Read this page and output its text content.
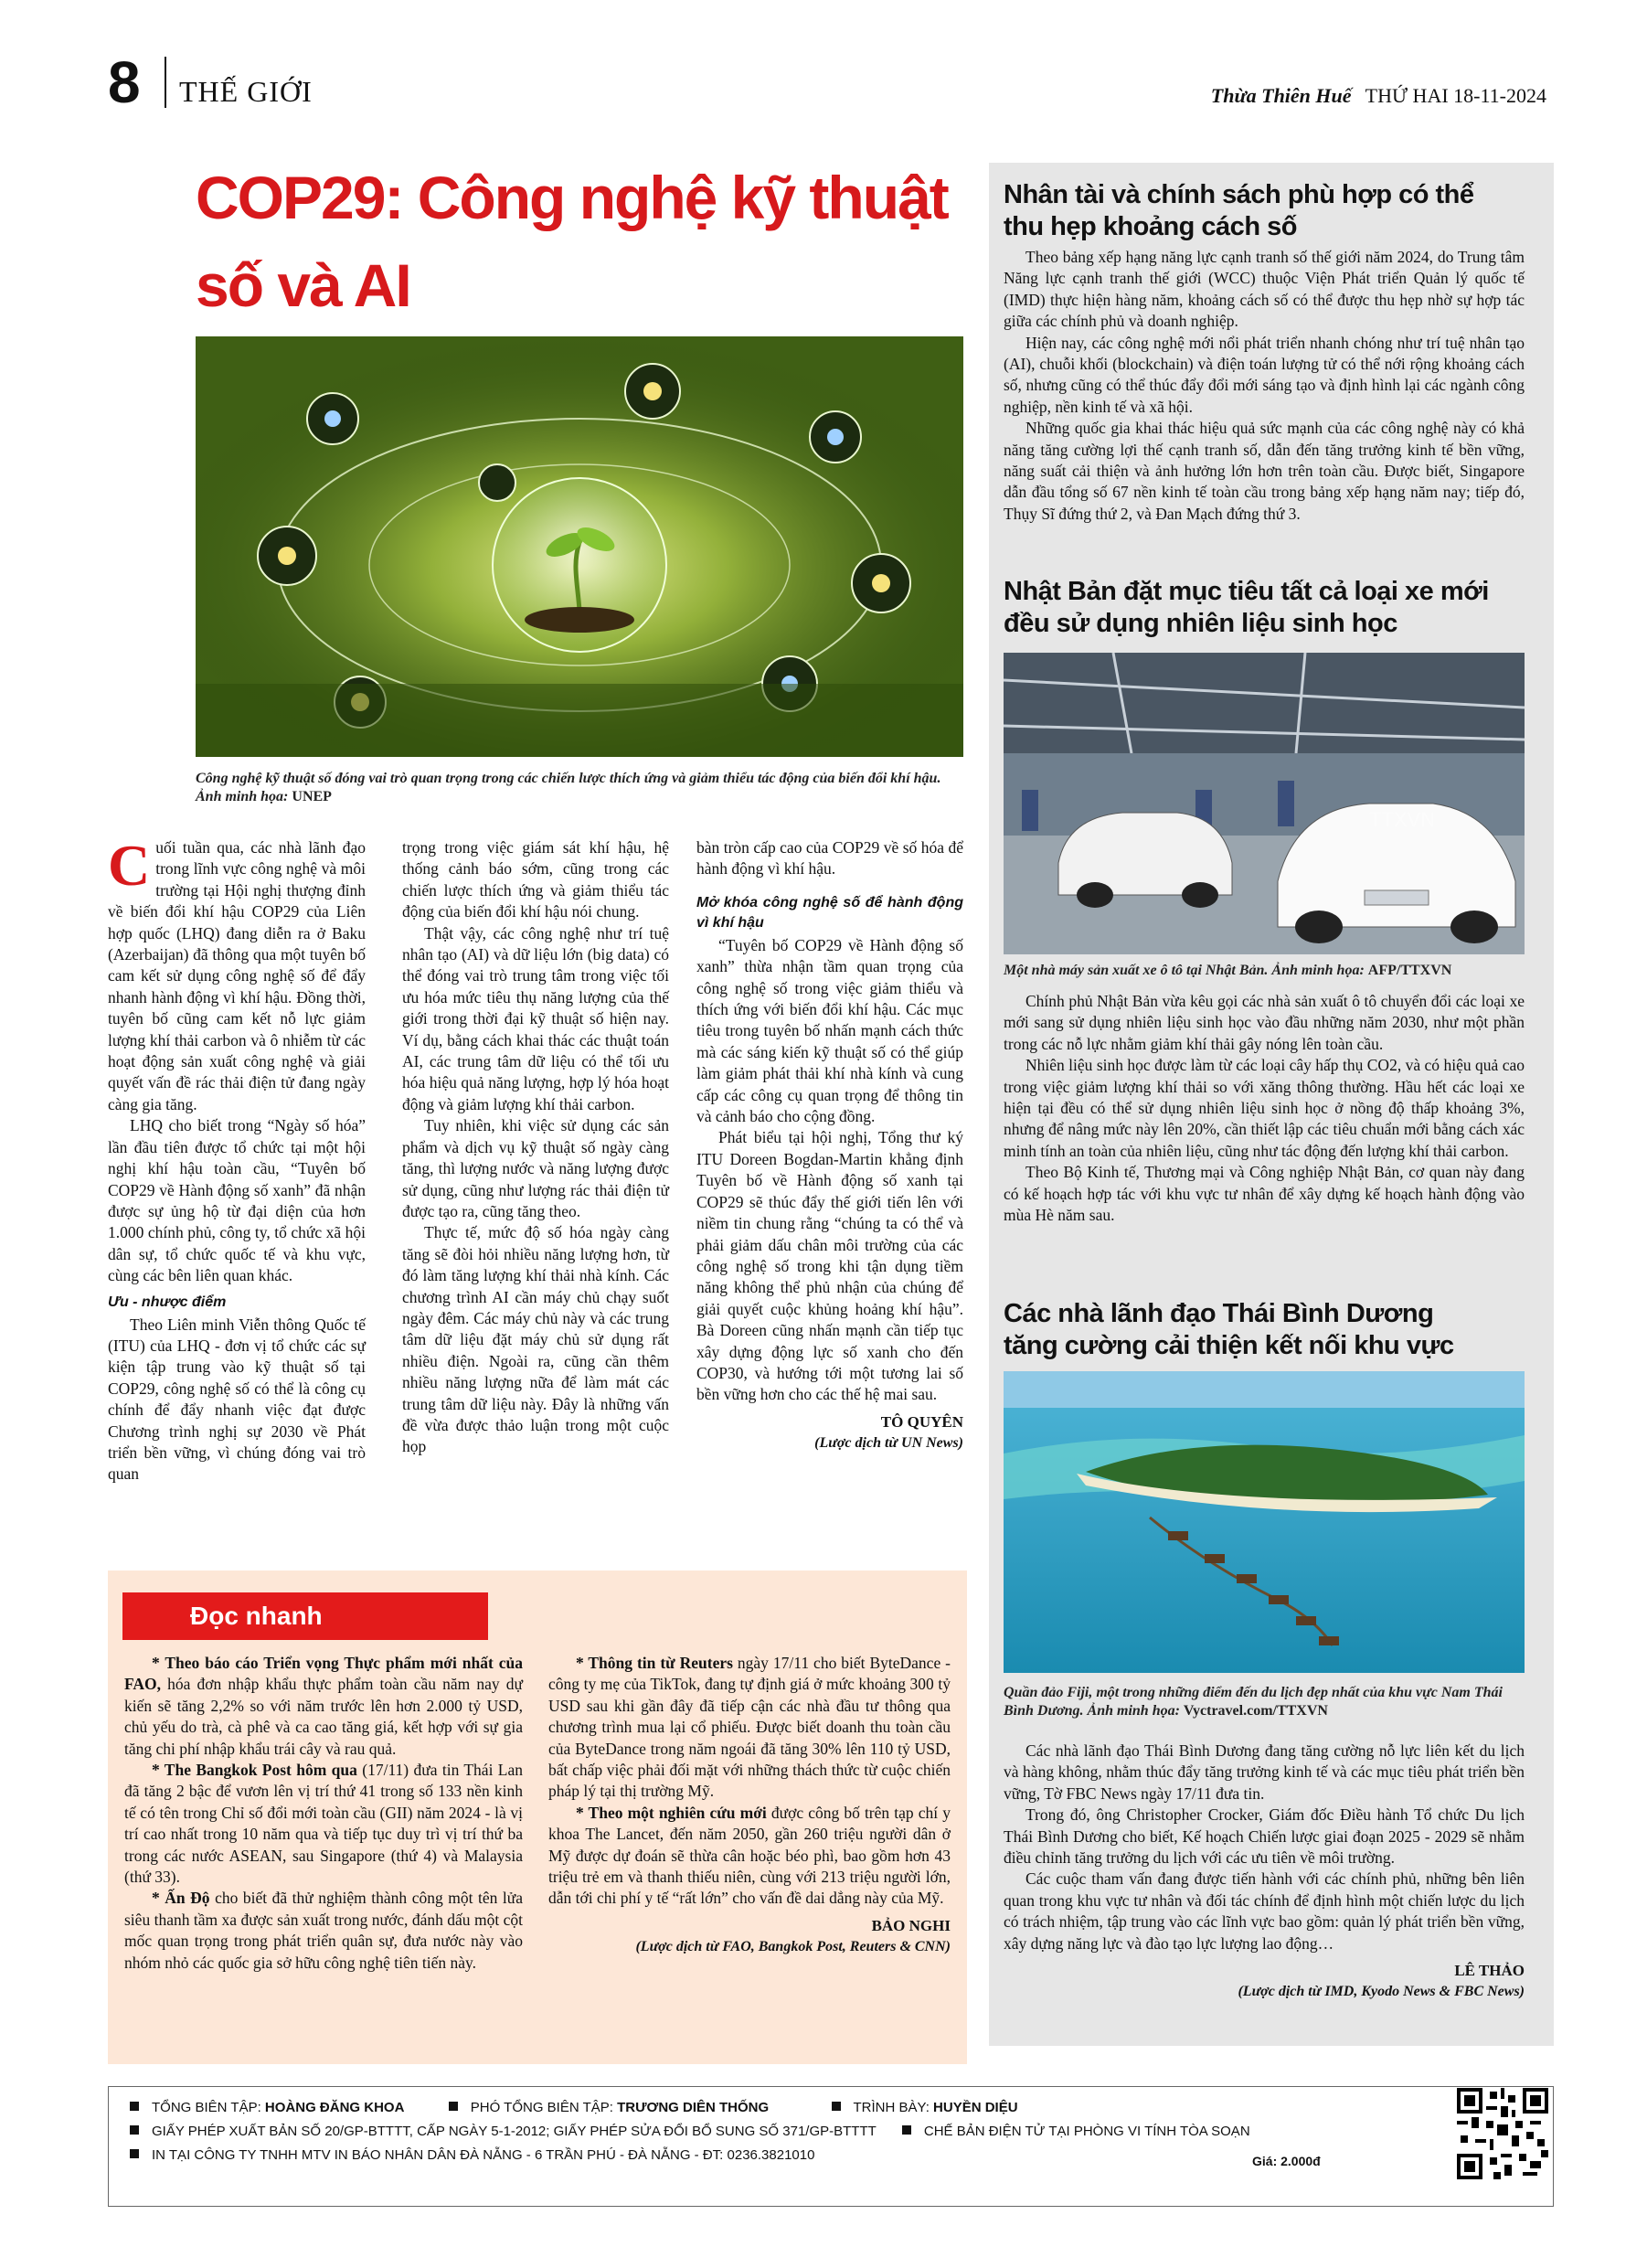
8 THẾ GIỚI	Thừa Thiên Huế THỨ HAI 18-11-2024
COP29: Công nghệ kỹ thuật số và AI
Công nghệ kỹ thuật số đóng vai trò quan trọng trong các chiến lược thích ứng và giảm thiểu tác động của biến đổi khí hậu. Ảnh minh họa: UNEP

Cuối tuần qua, các nhà lãnh đạo trong lĩnh vực công nghệ và môi trường tại Hội nghị thượng đỉnh về biến đổi khí hậu COP29 của Liên hợp quốc (LHQ) đang diễn ra ở Baku (Azerbaijan) đã thông qua một tuyên bố cam kết sử dụng công nghệ số để đẩy nhanh hành động vì khí hậu. Đồng thời, tuyên bố cũng cam kết nỗ lực giảm lượng khí thải carbon và ô nhiễm từ các hoạt động sản xuất công nghệ và giải quyết vấn đề rác thải điện tử đang ngày càng gia tăng.

LHQ cho biết trong “Ngày số hóa” lần đầu tiên được tổ chức tại một hội nghị khí hậu toàn cầu, “Tuyên bố COP29 về Hành động số xanh” đã nhận được sự ủng hộ từ đại diện của hơn 1.000 chính phủ, công ty, tổ chức xã hội dân sự, tổ chức quốc tế và khu vực, cùng các bên liên quan khác.

Ưu - nhược điểm

Theo Liên minh Viễn thông Quốc tế (ITU) của LHQ - đơn vị tổ chức các sự kiện tập trung vào kỹ thuật số tại COP29, công nghệ số có thể là công cụ chính để đẩy nhanh việc đạt được Chương trình nghị sự 2030 về Phát triển bền vững, vì chúng đóng vai trò quan

trọng trong việc giám sát khí hậu, hệ thống cảnh báo sớm, cũng trong các chiến lược thích ứng và giảm thiểu tác động của biến đổi khí hậu nói chung.

Thật vậy, các công nghệ như trí tuệ nhân tạo (AI) và dữ liệu lớn (big data) có thể đóng vai trò trung tâm trong việc tối ưu hóa mức tiêu thụ năng lượng của thế giới trong thời đại kỹ thuật số hiện nay. Ví dụ, bằng cách khai thác các thuật toán AI, các trung tâm dữ liệu có thể tối ưu hóa hiệu quả năng lượng, hợp lý hóa hoạt động và giảm lượng khí thải carbon.

Tuy nhiên, khi việc sử dụng các sản phẩm và dịch vụ kỹ thuật số ngày càng tăng, thì lượng nước và năng lượng được sử dụng, cũng như lượng rác thải điện tử được tạo ra, cũng tăng theo.

Thực tế, mức độ số hóa ngày càng tăng sẽ đòi hỏi nhiều năng lượng hơn, từ đó làm tăng lượng khí thải nhà kính. Các chương trình AI cần máy chủ chạy suốt ngày đêm. Các máy chủ này và các trung tâm dữ liệu đặt máy chủ sử dụng rất nhiều điện. Ngoài ra, cũng cần thêm nhiều năng lượng nữa để làm mát các trung tâm dữ liệu này. Đây là những vấn đề vừa được thảo luận trong một cuộc họp

bàn tròn cấp cao của COP29 về số hóa để hành động vì khí hậu.

Mở khóa công nghệ số để hành động vì khí hậu

“Tuyên bố COP29 về Hành động số xanh” thừa nhận tầm quan trọng của công nghệ số trong việc giảm thiểu và thích ứng với biến đổi khí hậu. Các mục tiêu trong tuyên bố nhấn mạnh cách thức mà các sáng kiến kỹ thuật số có thể giúp làm giảm phát thải khí nhà kính và cung cấp các công cụ quan trọng để thông tin và cảnh báo cho cộng đồng.

Phát biểu tại hội nghị, Tổng thư ký ITU Doreen Bogdan-Martin khẳng định Tuyên bố về Hành động số xanh tại COP29 sẽ thúc đẩy thế giới tiến lên với niềm tin chung rằng “chúng ta có thể và phải giảm dấu chân môi trường của các công nghệ số trong khi tận dụng tiềm năng không thể phủ nhận của chúng để giải quyết cuộc khủng hoảng khí hậu”. Bà Doreen cũng nhấn mạnh cần tiếp tục xây dựng động lực số xanh cho đến COP30, và hướng tới một tương lai số bền vững hơn cho các thế hệ mai sau.

TÔ QUYÊN

(Lược dịch từ UN News)

Nhân tài và chính sách phù hợp có thể
thu hẹp khoảng cách số

Theo bảng xếp hạng năng lực cạnh tranh số thế giới năm 2024, do Trung tâm Năng lực cạnh tranh thế giới (WCC) thuộc Viện Phát triển Quản lý quốc tế (IMD) thực hiện hàng năm, khoảng cách số có thể được thu hẹp nhờ sự hợp tác giữa các chính phủ và doanh nghiệp.

Hiện nay, các công nghệ mới nổi phát triển nhanh chóng như trí tuệ nhân tạo (AI), chuỗi khối (blockchain) và điện toán lượng tử có thể nới rộng khoảng cách số, nhưng cũng có thể thúc đẩy đổi mới sáng tạo và định hình lại các ngành công nghiệp, nền kinh tế và xã hội.

Những quốc gia khai thác hiệu quả sức mạnh của các công nghệ này có khả năng tăng cường lợi thế cạnh tranh số, dẫn đến tăng trưởng kinh tế bền vững, năng suất cải thiện và ảnh hưởng lớn hơn trên toàn cầu. Được biết, Singapore dẫn đầu tổng số 67 nền kinh tế toàn cầu trong bảng xếp hạng năm nay; tiếp đó, Thụy Sĩ đứng thứ 2, và Đan Mạch đứng thứ 3.

Nhật Bản đặt mục tiêu tất cả loại xe mới
đều sử dụng nhiên liệu sinh học
TTXVN
Một nhà máy sản xuất xe ô tô tại Nhật Bản. Ảnh minh họa: AFP/TTXVN

Chính phủ Nhật Bản vừa kêu gọi các nhà sản xuất ô tô chuyển đổi các loại xe mới sang sử dụng nhiên liệu sinh học vào đầu những năm 2030, như một phần trong các nỗ lực nhằm giảm khí thải gây nóng lên toàn cầu.

Nhiên liệu sinh học được làm từ các loại cây hấp thụ CO2, và có hiệu quả cao trong việc giảm lượng khí thải so với xăng thông thường. Hầu hết các loại xe hiện tại đều có thể sử dụng nhiên liệu sinh học ở nồng độ thấp khoảng 3%, nhưng để nâng mức này lên 20%, cần thiết lập các tiêu chuẩn mới bằng cách xác minh tính an toàn của nhiên liệu, cũng như tác động đến lượng khí thải carbon.

Theo Bộ Kinh tế, Thương mại và Công nghiệp Nhật Bản, cơ quan này đang có kế hoạch hợp tác với khu vực tư nhân để xây dựng kế hoạch hành động vào mùa Hè năm sau.

Các nhà lãnh đạo Thái Bình Dương
tăng cường cải thiện kết nối khu vực
Quần đảo Fiji, một trong những điểm đến du lịch đẹp nhất của khu vực Nam Thái Bình Dương. Ảnh minh họa: Vyctravel.com/TTXVN

Các nhà lãnh đạo Thái Bình Dương đang tăng cường nỗ lực liên kết du lịch và hàng không, nhằm thúc đẩy tăng trưởng kinh tế và các mục tiêu phát triển bền vững, Tờ FBC News ngày 17/11 đưa tin.

Trong đó, ông Christopher Crocker, Giám đốc Điều hành Tổ chức Du lịch Thái Bình Dương cho biết, Kế hoạch Chiến lược giai đoạn 2025 - 2029 sẽ nhằm điều chỉnh tăng trưởng du lịch với các ưu tiên về môi trường.

Các cuộc tham vấn đang được tiến hành với các chính phủ, những bên liên quan trong khu vực tư nhân và đối tác chính để định hình một chiến lược du lịch có trách nhiệm, tập trung vào các lĩnh vực bao gồm: quản lý phát triển bền vững, xây dựng năng lực và đào tạo lực lượng lao động…

LÊ THẢO

(Lược dịch từ IMD, Kyodo News & FBC News)

Đọc nhanh

* Theo báo cáo Triển vọng Thực phẩm mới nhất của FAO, hóa đơn nhập khẩu thực phẩm toàn cầu năm nay dự kiến sẽ tăng 2,2% so với năm trước lên hơn 2.000 tỷ USD, chủ yếu do trà, cà phê và ca cao tăng giá, kết hợp với sự gia tăng chi phí nhập khẩu trái cây và rau quả.

* The Bangkok Post hôm qua (17/11) đưa tin Thái Lan đã tăng 2 bậc để vươn lên vị trí thứ 41 trong số 133 nền kinh tế có tên trong Chỉ số đổi mới toàn cầu (GII) năm 2024 - là vị trí cao nhất trong 10 năm qua và tiếp tục duy trì vị trí thứ ba trong các nước ASEAN, sau Singapore (thứ 4) và Malaysia (thứ 33).

* Ấn Độ cho biết đã thử nghiệm thành công một tên lửa siêu thanh tầm xa được sản xuất trong nước, đánh dấu một cột mốc quan trọng trong phát triển quân sự, đưa nước này vào nhóm nhỏ các quốc gia sở hữu công nghệ tiên tiến này.

* Thông tin từ Reuters ngày 17/11 cho biết ByteDance - công ty mẹ của TikTok, đang tự định giá ở mức khoảng 300 tỷ USD sau khi gần đây đã tiếp cận các nhà đầu tư thông qua chương trình mua lại cổ phiếu. Được biết doanh thu toàn cầu của ByteDance trong năm ngoái đã tăng 30% lên 110 tỷ USD, bất chấp việc phải đối mặt với những thách thức từ cuộc chiến pháp lý tại thị trường Mỹ.

* Theo một nghiên cứu mới được công bố trên tạp chí y khoa The Lancet, đến năm 2050, gần 260 triệu người dân ở Mỹ được dự đoán sẽ thừa cân hoặc béo phì, bao gồm hơn 43 triệu trẻ em và thanh thiếu niên, cùng với 213 triệu người lớn, dẫn tới chi phí y tế “rất lớn” cho vấn đề dai dẳng này của Mỹ.

BẢO NGHI

(Lược dịch từ FAO, Bangkok Post, Reuters & CNN)

TỔNG BIÊN TẬP: HOÀNG ĐĂNG KHOA	PHÓ TỔNG BIÊN TẬP: TRƯƠNG DIÊN THỐNG	TRÌNH BÀY: HUYỀN DIỆU
GIẤY PHÉP XUẤT BẢN SỐ 20/GP-BTTTT, CẤP NGÀY 5-1-2012; GIẤY PHÉP SỬA ĐỔI BỔ SUNG SỐ 371/GP-BTTTT	CHẾ BẢN ĐIỆN TỬ TẠI PHÒNG VI TÍNH TÒA SOẠN
IN TẠI CÔNG TY TNHH MTV IN BÁO NHÂN DÂN ĐÀ NẴNG - 6 TRẦN PHÚ - ĐÀ NẴNG - ĐT: 0236.3821010	Giá: 2.000đ
